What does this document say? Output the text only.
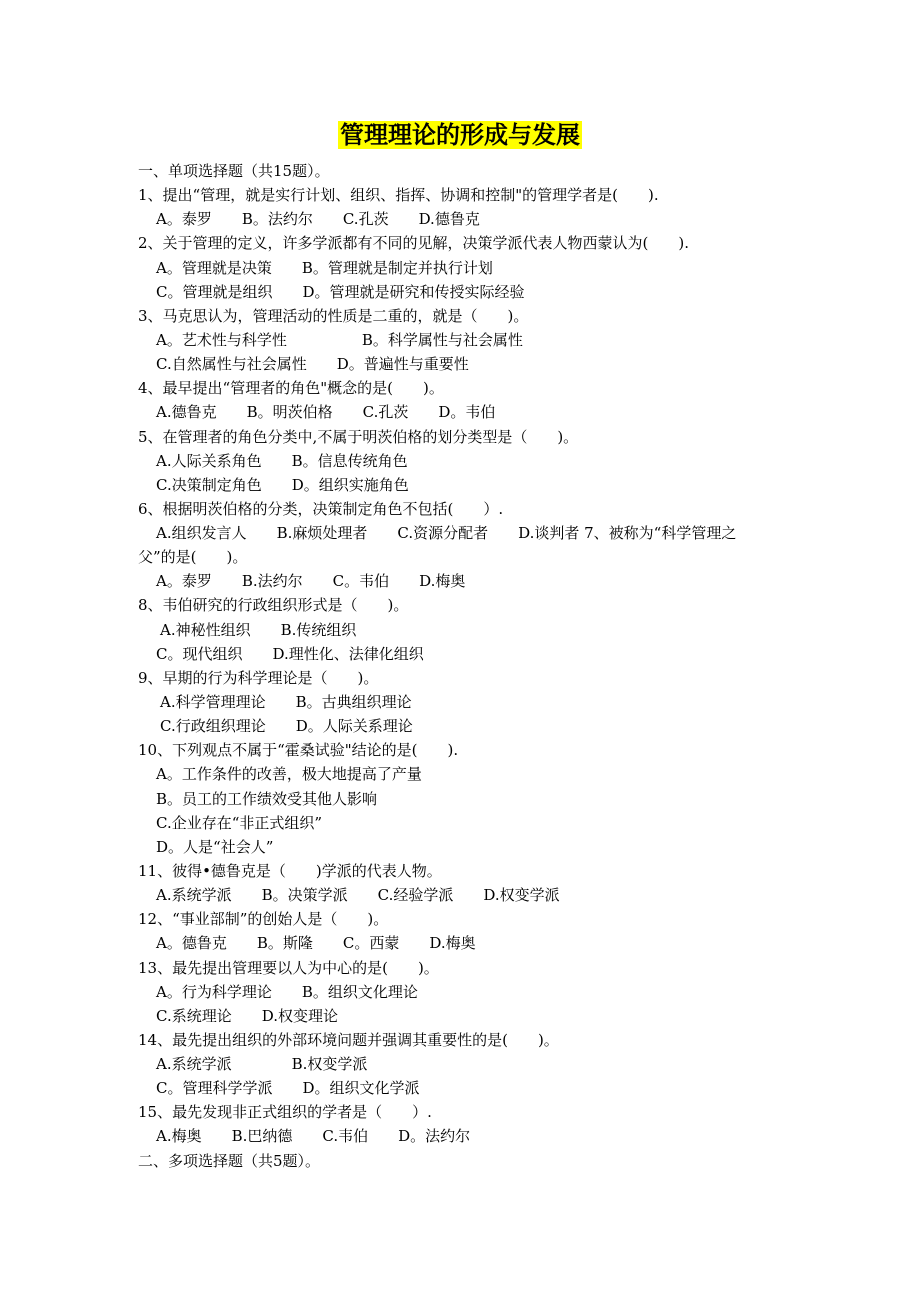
zixin.com.cn
管理理论的形成与发展
一、单项选择题（共15题）。
1、提出“管理，就是实行计划、组织、指挥、协调和控制"的管理学者是(　　).
A。泰罗　　B。法约尔　　C.孔茨　　D.德鲁克
2、关于管理的定义，许多学派都有不同的见解，决策学派代表人物西蒙认为(　　).
A。管理就是决策　　B。管理就是制定并执行计划
C。管理就是组织　　D。管理就是研究和传授实际经验
3、马克思认为，管理活动的性质是二重的，就是（　　)。
A。艺术性与科学性　　　　　B。科学属性与社会属性
C.自然属性与社会属性　　D。普遍性与重要性
4、最早提出“管理者的角色"概念的是(　　)。
A.德鲁克　　B。明茨伯格　　C.孔茨　　D。韦伯
5、在管理者的角色分类中,不属于明茨伯格的划分类型是（　　)。
A.人际关系角色　　B。信息传统角色
C.决策制定角色　　D。组织实施角色
6、根据明茨伯格的分类，决策制定角色不包括(　　）.
A.组织发言人　　B.麻烦处理者　　C.资源分配者　　D.谈判者 7、被称为“科学管理之
父”的是(　　)。
A。泰罗　　B.法约尔　　C。韦伯　　D.梅奥
8、韦伯研究的行政组织形式是（　　)。
A.神秘性组织　　B.传统组织
C。现代组织　　D.理性化、法律化组织
9、早期的行为科学理论是（　　)。
A.科学管理理论　　B。古典组织理论
C.行政组织理论　　D。人际关系理论
10、下列观点不属于“霍桑试验"结论的是(　　).
A。工作条件的改善，极大地提高了产量
B。员工的工作绩效受其他人影响
C.企业存在“非正式组织”
D。人是“社会人”
11、彼得•德鲁克是（　　)学派的代表人物。
A.系统学派　　B。决策学派　　C.经验学派　　D.权变学派
12、“事业部制”的创始人是（　　)。
A。德鲁克　　B。斯隆　　C。西蒙　　D.梅奥
13、最先提出管理要以人为中心的是(　　)。
A。行为科学理论　　B。组织文化理论
C.系统理论　　D.权变理论
14、最先提出组织的外部环境问题并强调其重要性的是(　　)。
A.系统学派　　　　B.权变学派
C。管理科学学派　　D。组织文化学派
15、最先发现非正式组织的学者是（　　）.
A.梅奥　　B.巴纳德　　C.韦伯　　D。法约尔
二、多项选择题（共5题）。
